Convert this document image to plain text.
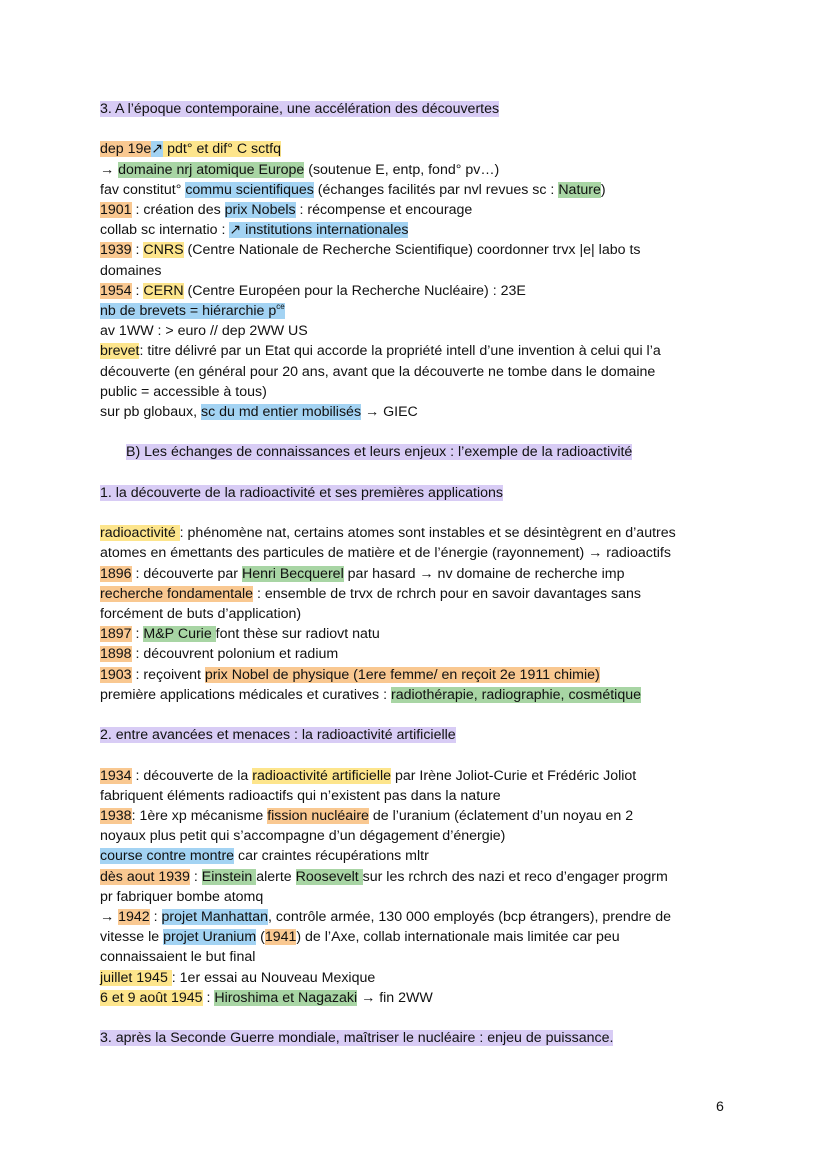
3. A l’époque contemporaine, une accélération des découvertes
dep 19e↗ pdt° et dif° C sctfq
→ domaine nrj atomique Europe (soutenue E, entp, fond° pv…)
fav constitut° commu scientifiques (échanges facilités par nvl revues sc : Nature)
1901 : création des prix Nobels : récompense et encourage
collab sc internatio : ↗ institutions internationales
1939 : CNRS (Centre Nationale de Recherche Scientifique) coordonner trvx |e| labo ts
domaines
1954 : CERN (Centre Européen pour la Recherche Nucléaire) : 23E
nb de brevets = hiérarchie $p^{ce}$
av 1WW : > euro // dep 2WW US
brevet: titre délivré par un Etat qui accorde la propriété intell d’une invention à celui qui l’a
découverte (en général pour 20 ans, avant que la découverte ne tombe dans le domaine
public = accessible à tous)
sur pb globaux, sc du md entier mobilisés → GIEC
B) Les échanges de connaissances et leurs enjeux : l’exemple de la radioactivité
1. la découverte de la radioactivité et ses premières applications
radioactivité : phénomène nat, certains atomes sont instables et se désintègrent en d’autres
atomes en émettants des particules de matière et de l’énergie (rayonnement) → radioactifs
1896 : découverte par Henri Becquerel par hasard → nv domaine de recherche imp
recherche fondamentale : ensemble de trvx de rchrch pour en savoir davantages sans
forcément de buts d’application)
1897 : M&P Curie font thèse sur radiovt natu
1898 : découvrent polonium et radium
1903 : reçoivent prix Nobel de physique (1ere femme/ en reçoit 2e 1911 chimie)
première applications médicales et curatives : radiothérapie, radiographie, cosmétique
2. entre avancées et menaces : la radioactivité artificielle
1934 : découverte de la radioactivité artificielle par Irène Joliot-Curie et Frédéric Joliot
fabriquent éléments radioactifs qui n’existent pas dans la nature
1938: 1ère xp mécanisme fission nucléaire de l’uranium (éclatement d’un noyau en 2
noyaux plus petit qui s’accompagne d’un dégagement d’énergie)
course contre montre car craintes récupérations mltr
dès aout 1939 : Einstein alerte Roosevelt sur les rchrch des nazi et reco d’engager progrm
pr fabriquer bombe atomq
→ 1942 : projet Manhattan, contrôle armée, 130 000 employés (bcp étrangers), prendre de
vitesse le projet Uranium (1941) de l’Axe, collab internationale mais limitée car peu
connaissaient le but final
juillet 1945 : 1er essai au Nouveau Mexique
6 et 9 août 1945 : Hiroshima et Nagazaki → fin 2WW
3. après la Seconde Guerre mondiale, maîtriser le nucléaire : enjeu de puissance.
6
